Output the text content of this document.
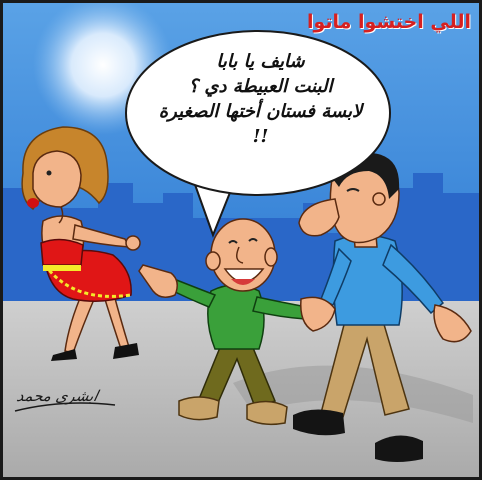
اللي اختشوا ماتوا
شايف يا بابا
البنت العبيطة دي ؟
لابسة فستان أختها الصغيرة
!!
ابشرى محمد
